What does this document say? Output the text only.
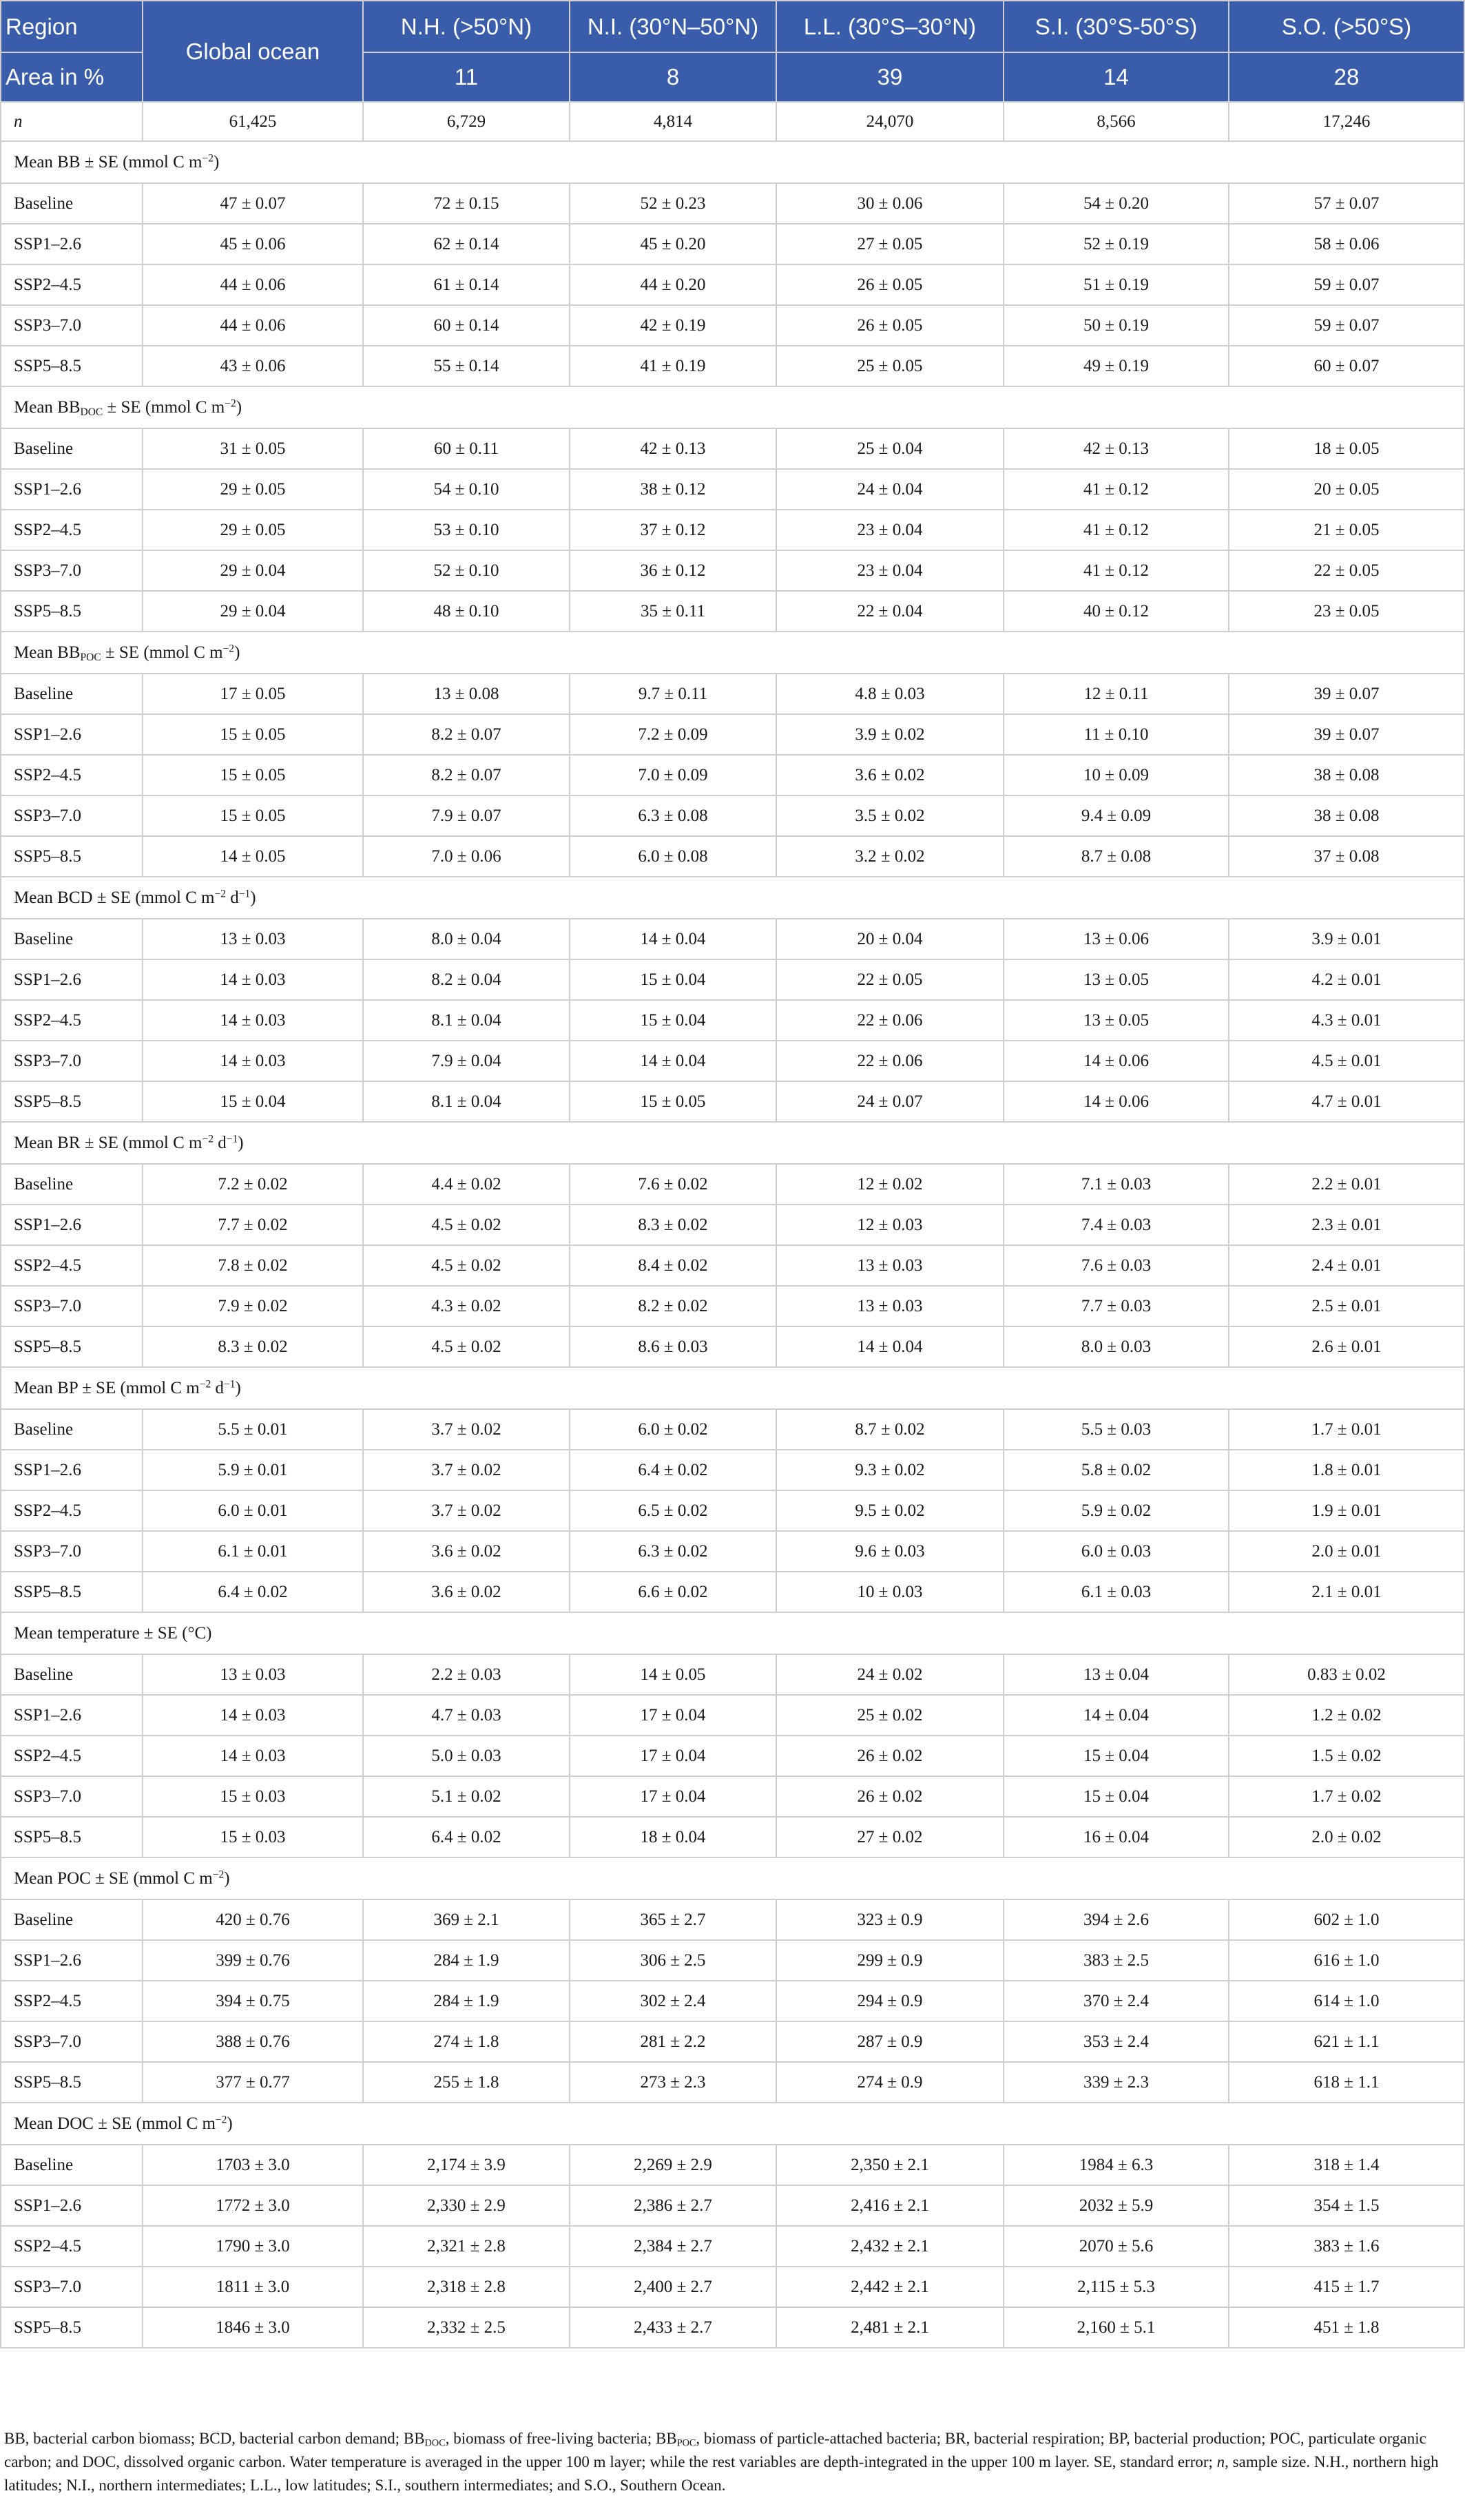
Region	Global ocean	N.H. (>50°N)	N.I. (30°N–50°N)	L.L. (30°S–30°N)	S.I. (30°S-50°S)	S.O. (>50°S)
Area in %		11	8	39	14	28
n	61,425	6,729	4,814	24,070	8,566	17,246
Mean BB ± SE (mmol C $m^{-2}$)						
Baseline	47 ± 0.07	72 ± 0.15	52 ± 0.23	30 ± 0.06	54 ± 0.20	57 ± 0.07
SSP1–2.6	45 ± 0.06	62 ± 0.14	45 ± 0.20	27 ± 0.05	52 ± 0.19	58 ± 0.06
SSP2–4.5	44 ± 0.06	61 ± 0.14	44 ± 0.20	26 ± 0.05	51 ± 0.19	59 ± 0.07
SSP3–7.0	44 ± 0.06	60 ± 0.14	42 ± 0.19	26 ± 0.05	50 ± 0.19	59 ± 0.07
SSP5–8.5	43 ± 0.06	55 ± 0.14	41 ± 0.19	25 ± 0.05	49 ± 0.19	60 ± 0.07
Mean $BB_{DOC}$ ± SE (mmol C $m^{-2}$)						
Baseline	31 ± 0.05	60 ± 0.11	42 ± 0.13	25 ± 0.04	42 ± 0.13	18 ± 0.05
SSP1–2.6	29 ± 0.05	54 ± 0.10	38 ± 0.12	24 ± 0.04	41 ± 0.12	20 ± 0.05
SSP2–4.5	29 ± 0.05	53 ± 0.10	37 ± 0.12	23 ± 0.04	41 ± 0.12	21 ± 0.05
SSP3–7.0	29 ± 0.04	52 ± 0.10	36 ± 0.12	23 ± 0.04	41 ± 0.12	22 ± 0.05
SSP5–8.5	29 ± 0.04	48 ± 0.10	35 ± 0.11	22 ± 0.04	40 ± 0.12	23 ± 0.05
Mean $BB_{POC}$ ± SE (mmol C $m^{-2}$)						
Baseline	17 ± 0.05	13 ± 0.08	9.7 ± 0.11	4.8 ± 0.03	12 ± 0.11	39 ± 0.07
SSP1–2.6	15 ± 0.05	8.2 ± 0.07	7.2 ± 0.09	3.9 ± 0.02	11 ± 0.10	39 ± 0.07
SSP2–4.5	15 ± 0.05	8.2 ± 0.07	7.0 ± 0.09	3.6 ± 0.02	10 ± 0.09	38 ± 0.08
SSP3–7.0	15 ± 0.05	7.9 ± 0.07	6.3 ± 0.08	3.5 ± 0.02	9.4 ± 0.09	38 ± 0.08
SSP5–8.5	14 ± 0.05	7.0 ± 0.06	6.0 ± 0.08	3.2 ± 0.02	8.7 ± 0.08	37 ± 0.08
Mean BCD ± SE (mmol C $m^{-2}$ $d^{-1}$)						
Baseline	13 ± 0.03	8.0 ± 0.04	14 ± 0.04	20 ± 0.04	13 ± 0.06	3.9 ± 0.01
SSP1–2.6	14 ± 0.03	8.2 ± 0.04	15 ± 0.04	22 ± 0.05	13 ± 0.05	4.2 ± 0.01
SSP2–4.5	14 ± 0.03	8.1 ± 0.04	15 ± 0.04	22 ± 0.06	13 ± 0.05	4.3 ± 0.01
SSP3–7.0	14 ± 0.03	7.9 ± 0.04	14 ± 0.04	22 ± 0.06	14 ± 0.06	4.5 ± 0.01
SSP5–8.5	15 ± 0.04	8.1 ± 0.04	15 ± 0.05	24 ± 0.07	14 ± 0.06	4.7 ± 0.01
Mean BR ± SE (mmol C $m^{-2}$ $d^{-1}$)						
Baseline	7.2 ± 0.02	4.4 ± 0.02	7.6 ± 0.02	12 ± 0.02	7.1 ± 0.03	2.2 ± 0.01
SSP1–2.6	7.7 ± 0.02	4.5 ± 0.02	8.3 ± 0.02	12 ± 0.03	7.4 ± 0.03	2.3 ± 0.01
SSP2–4.5	7.8 ± 0.02	4.5 ± 0.02	8.4 ± 0.02	13 ± 0.03	7.6 ± 0.03	2.4 ± 0.01
SSP3–7.0	7.9 ± 0.02	4.3 ± 0.02	8.2 ± 0.02	13 ± 0.03	7.7 ± 0.03	2.5 ± 0.01
SSP5–8.5	8.3 ± 0.02	4.5 ± 0.02	8.6 ± 0.03	14 ± 0.04	8.0 ± 0.03	2.6 ± 0.01
Mean BP ± SE (mmol C $m^{-2}$ $d^{-1}$)						
Baseline	5.5 ± 0.01	3.7 ± 0.02	6.0 ± 0.02	8.7 ± 0.02	5.5 ± 0.03	1.7 ± 0.01
SSP1–2.6	5.9 ± 0.01	3.7 ± 0.02	6.4 ± 0.02	9.3 ± 0.02	5.8 ± 0.02	1.8 ± 0.01
SSP2–4.5	6.0 ± 0.01	3.7 ± 0.02	6.5 ± 0.02	9.5 ± 0.02	5.9 ± 0.02	1.9 ± 0.01
SSP3–7.0	6.1 ± 0.01	3.6 ± 0.02	6.3 ± 0.02	9.6 ± 0.03	6.0 ± 0.03	2.0 ± 0.01
SSP5–8.5	6.4 ± 0.02	3.6 ± 0.02	6.6 ± 0.02	10 ± 0.03	6.1 ± 0.03	2.1 ± 0.01
Mean temperature ± SE (°C)						
Baseline	13 ± 0.03	2.2 ± 0.03	14 ± 0.05	24 ± 0.02	13 ± 0.04	0.83 ± 0.02
SSP1–2.6	14 ± 0.03	4.7 ± 0.03	17 ± 0.04	25 ± 0.02	14 ± 0.04	1.2 ± 0.02
SSP2–4.5	14 ± 0.03	5.0 ± 0.03	17 ± 0.04	26 ± 0.02	15 ± 0.04	1.5 ± 0.02
SSP3–7.0	15 ± 0.03	5.1 ± 0.02	17 ± 0.04	26 ± 0.02	15 ± 0.04	1.7 ± 0.02
SSP5–8.5	15 ± 0.03	6.4 ± 0.02	18 ± 0.04	27 ± 0.02	16 ± 0.04	2.0 ± 0.02
Mean POC ± SE (mmol C $m^{-2}$)						
Baseline	420 ± 0.76	369 ± 2.1	365 ± 2.7	323 ± 0.9	394 ± 2.6	602 ± 1.0
SSP1–2.6	399 ± 0.76	284 ± 1.9	306 ± 2.5	299 ± 0.9	383 ± 2.5	616 ± 1.0
SSP2–4.5	394 ± 0.75	284 ± 1.9	302 ± 2.4	294 ± 0.9	370 ± 2.4	614 ± 1.0
SSP3–7.0	388 ± 0.76	274 ± 1.8	281 ± 2.2	287 ± 0.9	353 ± 2.4	621 ± 1.1
SSP5–8.5	377 ± 0.77	255 ± 1.8	273 ± 2.3	274 ± 0.9	339 ± 2.3	618 ± 1.1
Mean DOC ± SE (mmol C $m^{-2}$)						
Baseline	1703 ± 3.0	2,174 ± 3.9	2,269 ± 2.9	2,350 ± 2.1	1984 ± 6.3	318 ± 1.4
SSP1–2.6	1772 ± 3.0	2,330 ± 2.9	2,386 ± 2.7	2,416 ± 2.1	2032 ± 5.9	354 ± 1.5
SSP2–4.5	1790 ± 3.0	2,321 ± 2.8	2,384 ± 2.7	2,432 ± 2.1	2070 ± 5.6	383 ± 1.6
SSP3–7.0	1811 ± 3.0	2,318 ± 2.8	2,400 ± 2.7	2,442 ± 2.1	2,115 ± 5.3	415 ± 1.7
SSP5–8.5	1846 ± 3.0	2,332 ± 2.5	2,433 ± 2.7	2,481 ± 2.1	2,160 ± 5.1	451 ± 1.8
BB, bacterial carbon biomass; BCD, bacterial carbon demand; $BB_{DOC}$, biomass of free-living bacteria; $BB_{POC}$, biomass of particle-attached bacteria; BR, bacterial respiration; BP, bacterial production; POC, particulate organic carbon; and DOC, dissolved organic carbon. Water temperature is averaged in the upper 100 m layer; while the rest variables are depth-integrated in the upper 100 m layer. SE, standard error; n, sample size. N.H., northern high latitudes; N.I., northern intermediates; L.L., low latitudes; S.I., southern intermediates; and S.O., Southern Ocean.
